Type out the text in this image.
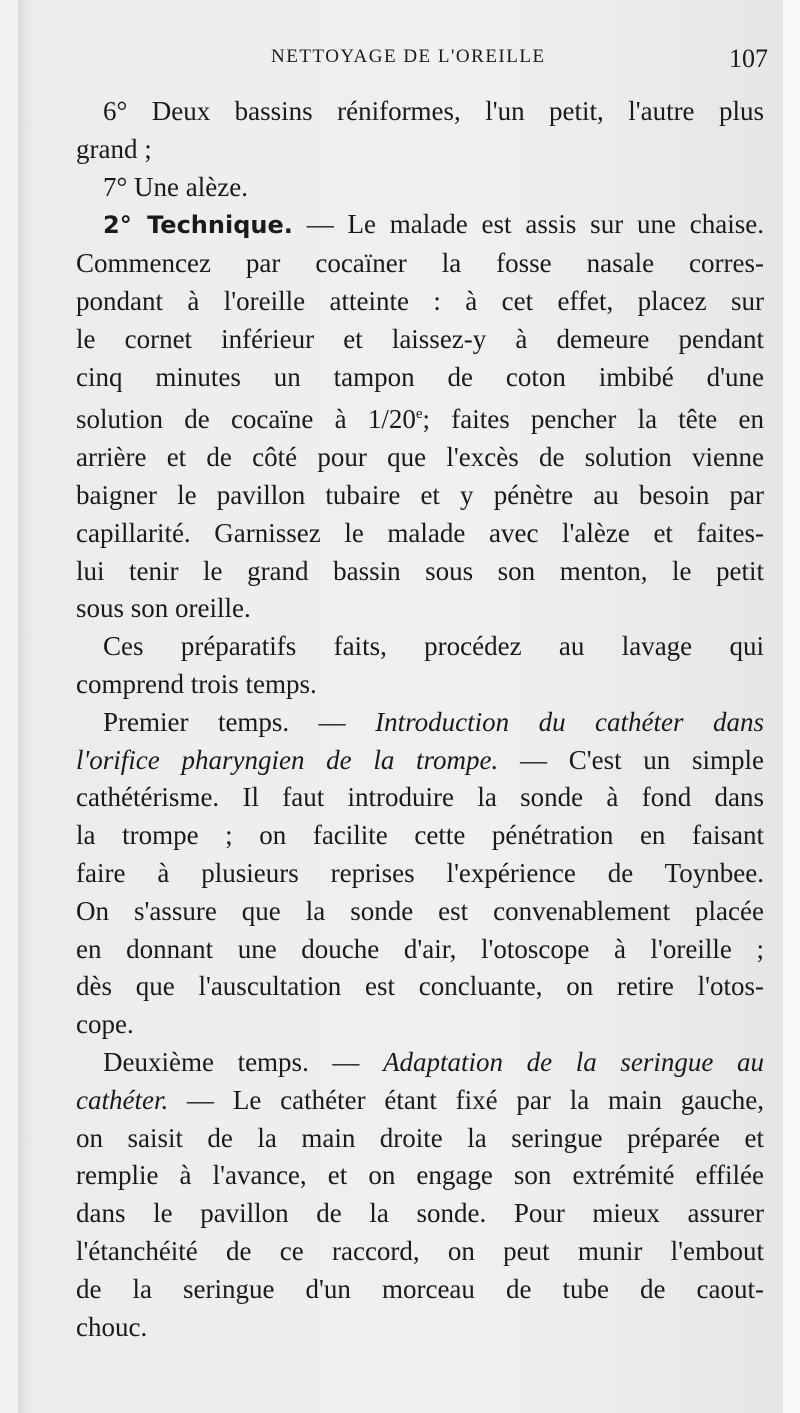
NETTOYAGE DE L'OREILLE	107
6° Deux bassins réniformes, l'un petit, l'autre plus
grand ;
7° Une alèze.
2° Technique. — Le malade est assis sur une chaise.
Commencez par cocaïner la fosse nasale corres-
pondant à l'oreille atteinte : à cet effet, placez sur
le cornet inférieur et laissez-y à demeure pendant
cinq minutes un tampon de coton imbibé d'une
solution de cocaïne à 1/20e; faites pencher la tête en
arrière et de côté pour que l'excès de solution vienne
baigner le pavillon tubaire et y pénètre au besoin par
capillarité. Garnissez le malade avec l'alèze et faites-
lui tenir le grand bassin sous son menton, le petit
sous son oreille.
Ces préparatifs faits, procédez au lavage qui
comprend trois temps.
Premier temps. — Introduction du cathéter dans
l'orifice pharyngien de la trompe. — C'est un simple
cathétérisme. Il faut introduire la sonde à fond dans
la trompe ; on facilite cette pénétration en faisant
faire à plusieurs reprises l'expérience de Toynbee.
On s'assure que la sonde est convenablement placée
en donnant une douche d'air, l'otoscope à l'oreille ;
dès que l'auscultation est concluante, on retire l'otos-
cope.
Deuxième temps. — Adaptation de la seringue au
cathéter. — Le cathéter étant fixé par la main gauche,
on saisit de la main droite la seringue préparée et
remplie à l'avance, et on engage son extrémité effilée
dans le pavillon de la sonde. Pour mieux assurer
l'étanchéité de ce raccord, on peut munir l'embout
de la seringue d'un morceau de tube de caout-
chouc.
